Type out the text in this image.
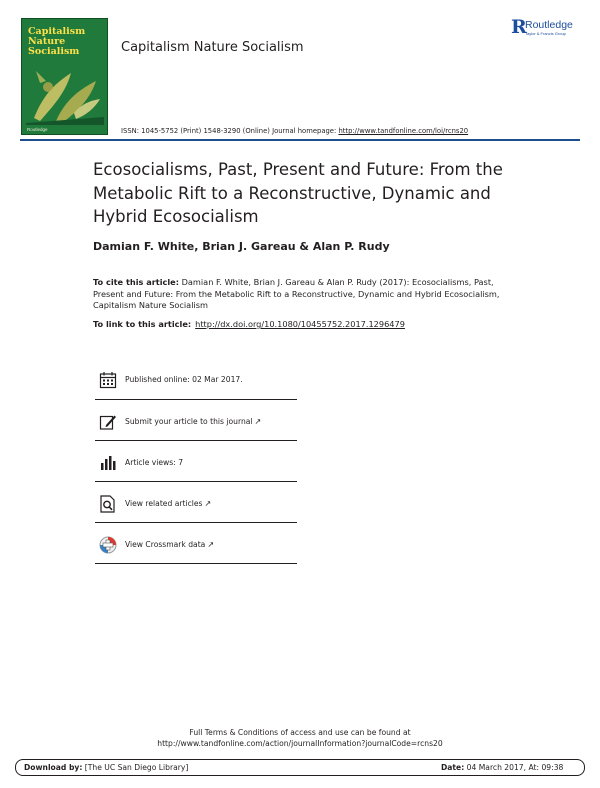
Capitalism
Nature
Socialism
Routledge
Capitalism Nature Socialism
R
Routledge
Taylor & Francis Group
ISSN: 1045-5752 (Print) 1548-3290 (Online) Journal homepage: http://www.tandfonline.com/loi/rcns20
Ecosocialisms, Past, Present and Future: From the Metabolic Rift to a Reconstructive, Dynamic and Hybrid Ecosocialism
Damian F. White, Brian J. Gareau & Alan P. Rudy
To cite this article: Damian F. White, Brian J. Gareau & Alan P. Rudy (2017): Ecosocialisms, Past, Present and Future: From the Metabolic Rift to a Reconstructive, Dynamic and Hybrid Ecosocialism, Capitalism Nature Socialism
To link to this article: http://dx.doi.org/10.1080/10455752.2017.1296479
Published online: 02 Mar 2017.
Submit your article to this journal ↗
Article views: 7
View related articles ↗
View Crossmark data ↗
Full Terms & Conditions of access and use can be found at
http://www.tandfonline.com/action/journalInformation?journalCode=rcns20
Download by: [The UC San Diego Library]	Date: 04 March 2017, At: 09:38
